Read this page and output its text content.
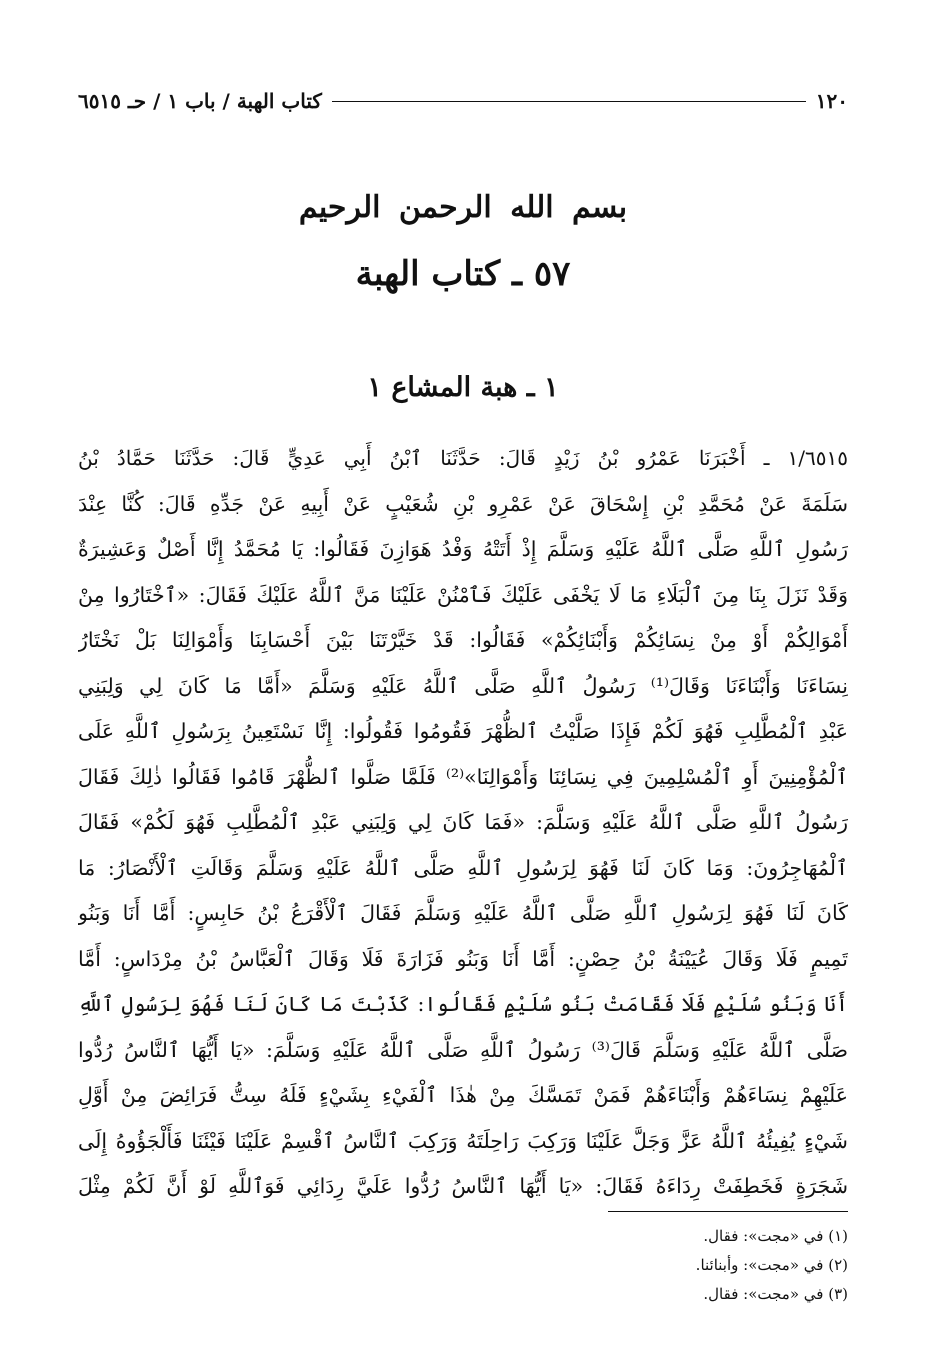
١٢٠
كتاب الهبة / باب ١ / حـ ٦٥١٥
بسم الله الرحمن الرحيم
٥٧ ـ كتاب الهبة
١ ـ هبة المشاع ١
١/٦٥١٥ ـ أَخْبَرَنَا عَمْرُو بْنُ زَيْدٍ قَالَ: حَدَّثَنَا ٱبْنُ أَبِي عَدِيٍّ قَالَ: حَدَّثَنَا حَمَّادُ بْنُ
سَلَمَةَ عَنْ مُحَمَّدِ بْنِ إِسْحَاقَ عَنْ عَمْرِو بْنِ شُعَيْبٍ عَنْ أَبِيهِ عَنْ جَدِّهِ قَالَ: كُنَّا عِنْدَ
رَسُولِ ٱللَّهِ صَلَّى ٱللَّهُ عَلَيْهِ وَسَلَّمَ إِذْ أَتَتْهُ وَفْدُ هَوَازِنَ فَقَالُوا: يَا مُحَمَّدُ إِنَّا أَصْلٌ وَعَشِيرَةٌ
وَقَدْ نَزَلَ بِنَا مِنَ ٱلْبَلَاءِ مَا لَا يَخْفَى عَلَيْكَ فَٱمْنُنْ عَلَيْنَا مَنَّ ٱللَّهُ عَلَيْكَ فَقَالَ: «ٱخْتَارُوا مِنْ
أَمْوَالِكُمْ أَوْ مِنْ نِسَائِكُمْ وَأَبْنَائِكُمْ» فَقَالُوا: قَدْ خَيَّرْتَنَا بَيْنَ أَحْسَابِنَا وَأَمْوَالِنَا بَلْ نَخْتَارُ
نِسَاءَنَا وَأَبْنَاءَنَا وَقَالَ⁽¹⁾ رَسُولُ ٱللَّهِ صَلَّى ٱللَّهُ عَلَيْهِ وَسَلَّمَ «أَمَّا مَا كَانَ لِي وَلِبَنِي
عَبْدِ ٱلْمُطَّلِبِ فَهُوَ لَكُمْ فَإِذَا صَلَّيْتُ ٱلظُّهْرَ فَقُومُوا فَقُولُوا: إِنَّا نَسْتَعِينُ بِرَسُولِ ٱللَّهِ عَلَى
ٱلْمُؤْمِنِينَ أَوِ ٱلْمُسْلِمِينَ فِي نِسَائِنَا وَأَمْوَالِنَا»⁽²⁾ فَلَمَّا صَلَّوا ٱلظُّهْرَ قَامُوا فَقَالُوا ذٰلِكَ فَقَالَ
رَسُولُ ٱللَّهِ صَلَّى ٱللَّهُ عَلَيْهِ وَسَلَّمَ: «فَمَا كَانَ لِي وَلِبَنِي عَبْدِ ٱلْمُطَّلِبِ فَهُوَ لَكُمْ» فَقَالَ
ٱلْمُهَاجِرُونَ: وَمَا كَانَ لَنَا فَهُوَ لِرَسُولِ ٱللَّهِ صَلَّى ٱللَّهُ عَلَيْهِ وَسَلَّمَ وَقَالَتِ ٱلْأَنْصَارُ: مَا
كَانَ لَنَا فَهُوَ لِرَسُولِ ٱللَّهِ صَلَّى ٱللَّهُ عَلَيْهِ وَسَلَّمَ فَقَالَ ٱلْأَقْرَعُ بْنُ حَابِسٍ: أَمَّا أَنَا وَبَنُو
تَمِيمٍ فَلَا وَقَالَ عُيَيْنَةُ بْنُ حِصْنٍ: أَمَّا أَنَا وَبَنُو فَزَارَةَ فَلَا وَقَالَ ٱلْعَبَّاسُ بْنُ مِرْدَاسٍ: أَمَّا
أَنَا وَبَنُو سُلَيْمٍ فَلَا فَقَامَتْ بَنُو سُلَيْمٍ فَقَالُوا: كَذَبْتَ مَا كَانَ لَنَا فَهُوَ لِرَسُولِ ٱللَّهِ
صَلَّى ٱللَّهُ عَلَيْهِ وَسَلَّمَ قَالَ⁽³⁾ رَسُولُ ٱللَّهِ صَلَّى ٱللَّهُ عَلَيْهِ وَسَلَّمَ: «يَا أَيُّهَا ٱلنَّاسُ رُدُّوا
عَلَيْهِمْ نِسَاءَهُمْ وَأَبْنَاءَهُمْ فَمَنْ تَمَسَّكَ مِنْ هٰذَا ٱلْفَيْءِ بِشَيْءٍ فَلَهُ سِتُّ فَرَائِضَ مِنْ أَوَّلِ
شَيْءٍ يُفِيئُهُ ٱللَّهُ عَزَّ وَجَلَّ عَلَيْنَا وَرَكِبَ رَاحِلَتَهُ وَرَكِبَ ٱلنَّاسُ ٱقْسِمْ عَلَيْنَا فَيْئَنَا فَأَلْجَؤُوهُ إِلَى
شَجَرَةٍ فَخَطِفَتْ رِدَاءَهُ فَقَالَ: «يَا أَيُّهَا ٱلنَّاسُ رُدُّوا عَلَيَّ رِدَائِي فَوَٱللَّهِ لَوْ أَنَّ لَكُمْ مِثْلَ
(١) في «مجت»: فقال.
(٢) في «مجت»: وأبنائنا.
(٣) في «مجت»: فقال.
